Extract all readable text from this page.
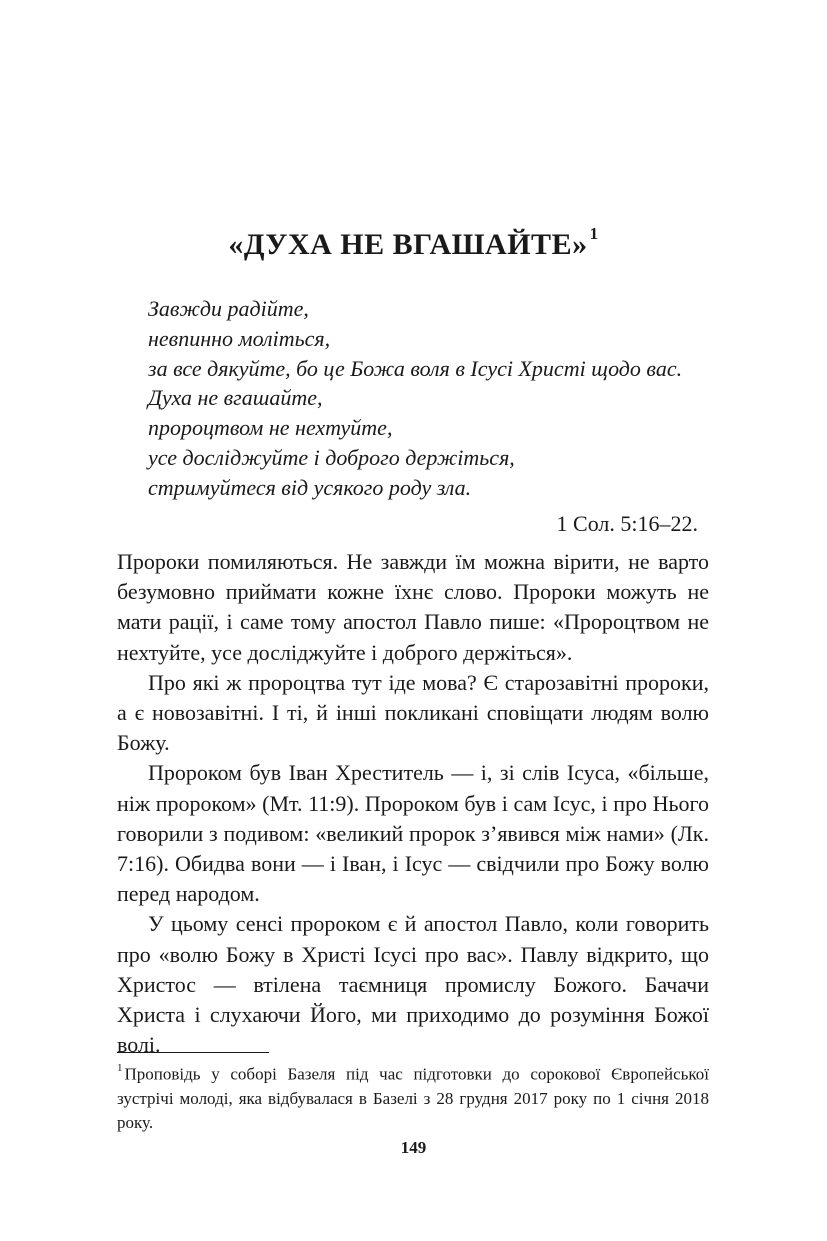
«ДУХА НЕ ВГАШАЙТЕ» $^1$
Завжди радійте,
невпинно моліться,
за все дякуйте, бо це Божа воля в Ісусі Христі щодо вас.
Духа не вгашайте,
пророцтвом не нехтуйте,
усе досліджуйте і доброго держіться,
стримуйтеся від усякого роду зла.
1 Сол. 5:16–22.

Пророки помиляються. Не завжди їм можна вірити, не варто безумовно приймати кожне їхнє слово. Пророки можуть не мати рації, і саме тому апостол Павло пише: «Пророцтвом не нехтуйте, усе досліджуйте і доброго держіться».

Про які ж пророцтва тут іде мова? Є старозавітні пророки, а є новозавітні. І ті, й інші покликані сповіщати людям волю Божу.

Пророком був Іван Хреститель — і, зі слів Ісуса, «більше, ніж пророком» (Мт. 11:9). Пророком був і сам Ісус, і про Нього говорили з подивом: «великий пророк з’явився між нами» (Лк. 7:16). Обидва вони — і Іван, і Ісус — свідчили про Божу волю перед народом.

У цьому сенсі пророком є й апостол Павло, коли говорить про «волю Божу в Христі Ісусі про вас». Павлу відкрито, що Христос — втілена таємниця промислу Божого. Бачачи Христа і слухаючи Його, ми приходимо до розуміння Божої волі.

$^1$ Проповідь у соборі Базеля під час підготовки до сорокової Європейської зустрічі молоді, яка відбувалася в Базелі з 28 грудня 2017 року по 1 січня 2018 року.
149
